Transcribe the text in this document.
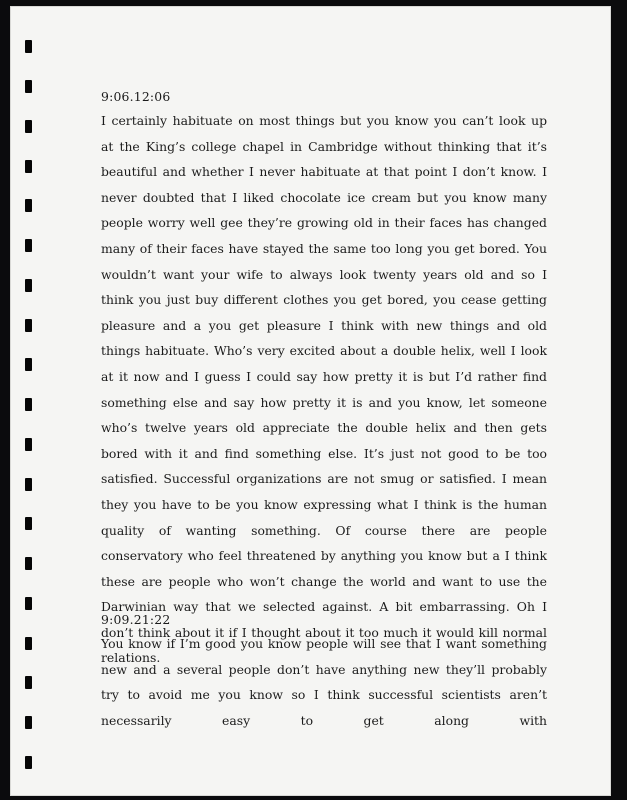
9:06.12:06

I certainly habituate on most things but you know you can’t look up at the King’s college chapel in Cambridge without thinking that it’s beautiful and whether I never habituate at that point I don’t know. I never doubted that I liked chocolate ice cream but you know many people worry well gee they’re growing old in their faces has changed many of their faces have stayed the same too long you get bored. You wouldn’t want your wife to always look twenty years old and so I think you just buy different clothes you get bored, you cease getting pleasure and a you get pleasure I think with new things and old things habituate. Who’s very excited about a double helix, well I look at it now and I guess I could say how pretty it is but I’d rather find something else and say how pretty it is and you know, let someone who’s twelve years old appreciate the double helix and then gets bored with it and find something else. It’s just not good to be too satisfied. Successful organizations are not smug or satisfied. I mean they you have to be you know expressing what I think is the human quality of wanting something. Of course there are people conservatory who feel threatened by anything you know but a I think these are people who won’t change the world and want to use the Darwinian way that we selected against. A bit embarrassing. Oh I don’t think about it if I thought about it too much it would kill normal relations.

9:09.21:22

You know if I’m good you know people will see that I want something new and a several people don’t have anything new they’ll probably try to avoid me you know so I think successful scientists aren’t necessarily easy to get along with
